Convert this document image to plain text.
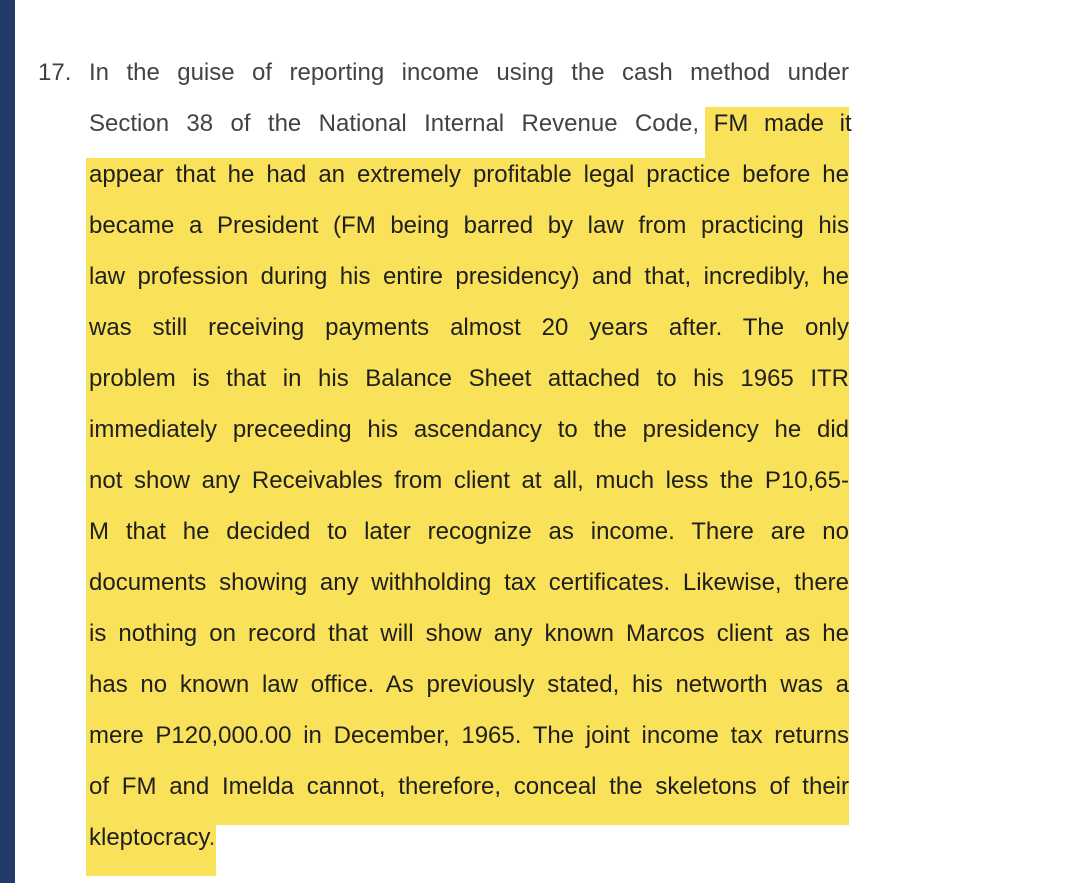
17. In the guise of reporting income using the cash method under
Section 38 of the National Internal Revenue Code, FM made it
appear that he had an extremely profitable legal practice before he
became a President (FM being barred by law from practicing his
law profession during his entire presidency) and that, incredibly, he
was still receiving payments almost 20 years after. The only
problem is that in his Balance Sheet attached to his 1965 ITR
immediately preceeding his ascendancy to the presidency he did
not show any Receivables from client at all, much less the P10,65-
M that he decided to later recognize as income. There are no
documents showing any withholding tax certificates. Likewise, there
is nothing on record that will show any known Marcos client as he
has no known law office. As previously stated, his networth was a
mere P120,000.00 in December, 1965. The joint income tax returns
of FM and Imelda cannot, therefore, conceal the skeletons of their
kleptocracy.
